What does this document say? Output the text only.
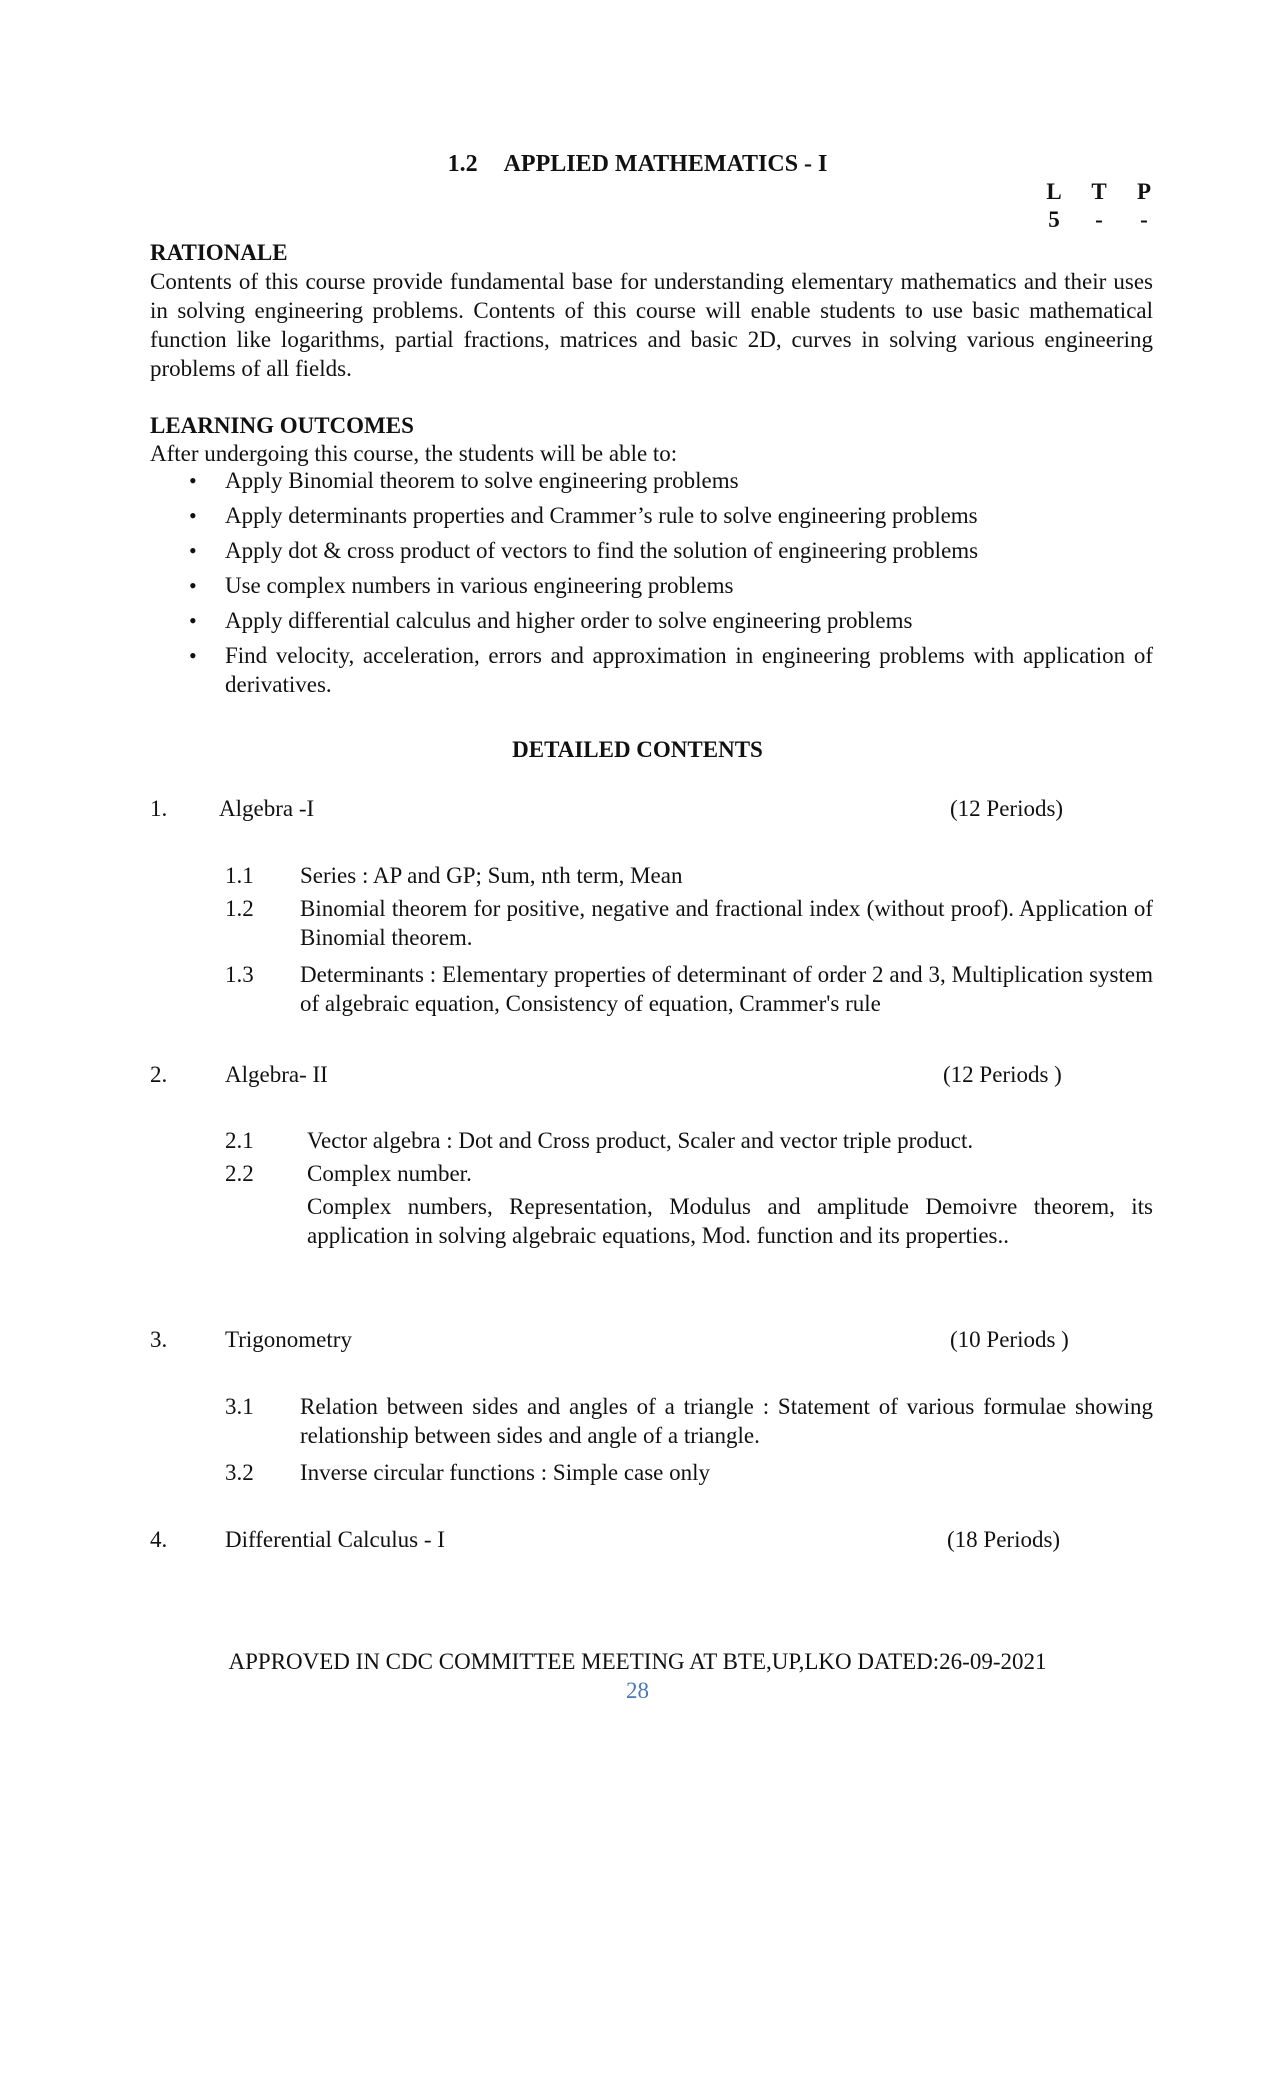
1.2 APPLIED MATHEMATICS - I
L T	P
5	-	-
RATIONALE
Contents of this course provide fundamental base for understanding elementary mathematics and their uses in solving engineering problems. Contents of this course will enable students to use basic mathematical function like logarithms, partial fractions, matrices and basic 2D, curves in solving various engineering problems of all fields.
LEARNING OUTCOMES
After undergoing this course, the students will be able to:
• Apply Binomial theorem to solve engineering problems
• Apply determinants properties and Crammer’s rule to solve engineering problems
• Apply dot & cross product of vectors to find the solution of engineering problems
• Use complex numbers in various engineering problems
• Apply differential calculus and higher order to solve engineering problems
• Find velocity, acceleration, errors and approximation in engineering problems with application of derivatives.
DETAILED CONTENTS
1. Algebra -I	(12 Periods)
1.1 Series : AP and GP; Sum, nth term, Mean
1.2 Binomial theorem for positive, negative and fractional index (without proof). Application of Binomial theorem.
1.3 Determinants : Elementary properties of determinant of order 2 and 3, Multiplication system of algebraic equation, Consistency of equation, Crammer's rule
2.	Algebra- II	(12 Periods )
2.1 Vector algebra : Dot and Cross product, Scaler and vector triple product.
2.2 Complex number.
Complex numbers, Representation, Modulus and amplitude Demoivre theorem, its application in solving algebraic equations, Mod. function and its properties..
3.	Trigonometry	(10 Periods )
3.1 Relation between sides and angles of a triangle : Statement of various formulae showing relationship between sides and angle of a triangle.
3.2 Inverse circular functions : Simple case only
4.	Differential Calculus - I	(18 Periods)
APPROVED IN CDC COMMITTEE MEETING AT BTE,UP,LKO DATED:26-09-2021
28
